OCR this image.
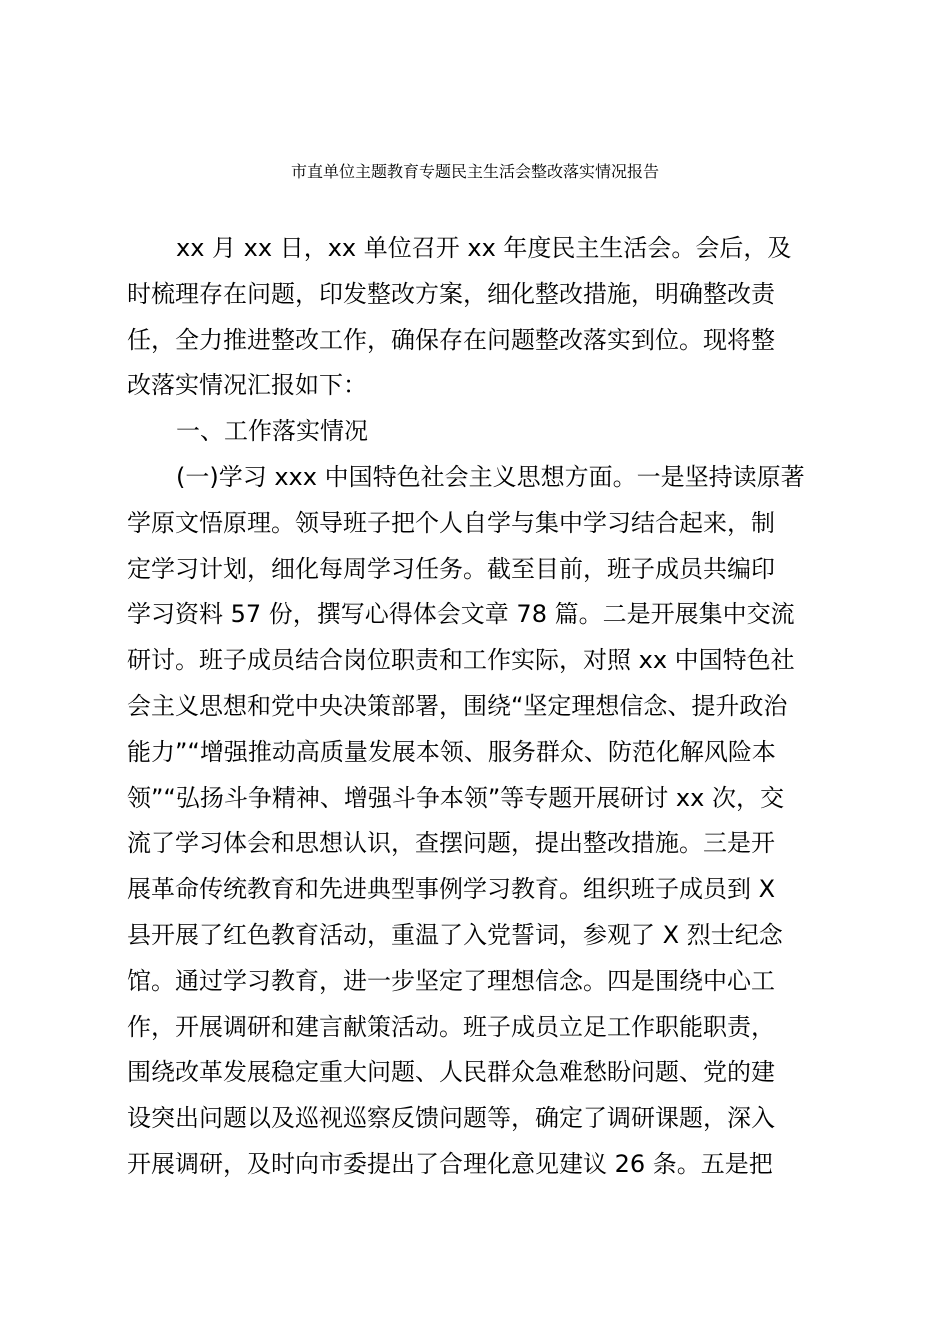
市直单位主题教育专题民主生活会整改落实情况报告
xx 月 xx 日，xx 单位召开 xx 年度民主生活会。会后，及
时梳理存在问题，印发整改方案，细化整改措施，明确整改责
任，全力推进整改工作，确保存在问题整改落实到位。现将整
改落实情况汇报如下：
一、工作落实情况
(一)学习 xxx 中国特色社会主义思想方面。一是坚持读原著
学原文悟原理。领导班子把个人自学与集中学习结合起来，制
定学习计划，细化每周学习任务。截至目前，班子成员共编印
学习资料 57 份，撰写心得体会文章 78 篇。二是开展集中交流
研讨。班子成员结合岗位职责和工作实际，对照 xx 中国特色社
会主义思想和党中央决策部署，围绕“坚定理想信念、提升政治
能力”“增强推动高质量发展本领、服务群众、防范化解风险本
领”“弘扬斗争精神、增强斗争本领”等专题开展研讨 xx 次，交
流了学习体会和思想认识，查摆问题，提出整改措施。三是开
展革命传统教育和先进典型事例学习教育。组织班子成员到 X
县开展了红色教育活动，重温了入党誓词，参观了 X 烈士纪念
馆。通过学习教育，进一步坚定了理想信念。四是围绕中心工
作，开展调研和建言献策活动。班子成员立足工作职能职责，
围绕改革发展稳定重大问题、人民群众急难愁盼问题、党的建
设突出问题以及巡视巡察反馈问题等，确定了调研课题，深入
开展调研，及时向市委提出了合理化意见建议 26 条。五是把
